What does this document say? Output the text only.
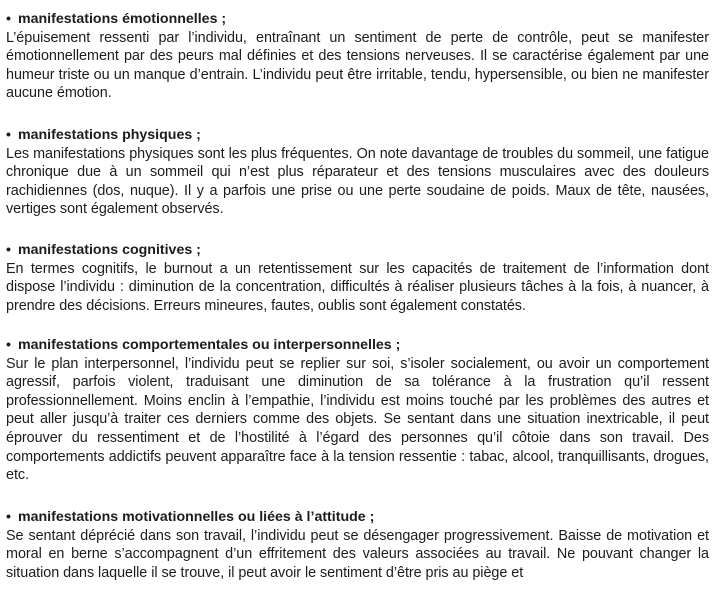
• manifestations émotionnelles ;

L’épuisement ressenti par l’individu, entraînant un sentiment de perte de contrôle, peut se manifester émotionnellement par des peurs mal définies et des tensions nerveuses. Il se caractérise également par une humeur triste ou un manque d’entrain. L’individu peut être irritable, tendu, hypersensible, ou bien ne manifester aucune émotion.

• manifestations physiques ;

Les manifestations physiques sont les plus fréquentes. On note davantage de troubles du sommeil, une fatigue chronique due à un sommeil qui n’est plus réparateur et des tensions musculaires avec des douleurs rachidiennes (dos, nuque). Il y a parfois une prise ou une perte soudaine de poids. Maux de tête, nausées, vertiges sont également observés.

• manifestations cognitives ;

En termes cognitifs, le burnout a un retentissement sur les capacités de traitement de l’information dont dispose l’individu : diminution de la concentration, difficultés à réaliser plusieurs tâches à la fois, à nuancer, à prendre des décisions. Erreurs mineures, fautes, oublis sont également constatés.

• manifestations comportementales ou interpersonnelles ;

Sur le plan interpersonnel, l’individu peut se replier sur soi, s’isoler socialement, ou avoir un comportement agressif, parfois violent, traduisant une diminution de sa tolérance à la frustration qu’il ressent professionnellement. Moins enclin à l’empathie, l’individu est moins touché par les problèmes des autres et peut aller jusqu’à traiter ces derniers comme des objets. Se sentant dans une situation inextricable, il peut éprouver du ressentiment et de l’hostilité à l’égard des personnes qu’il côtoie dans son travail. Des comportements addictifs peuvent apparaître face à la tension ressentie : tabac, alcool, tranquillisants, drogues, etc.

• manifestations motivationnelles ou liées à l’attitude ;

Se sentant déprécié dans son travail, l’individu peut se désengager progressivement. Baisse de motivation et moral en berne s’accompagnent d’un effritement des valeurs associées au travail. Ne pouvant changer la situation dans laquelle il se trouve, il peut avoir le sentiment d’être pris au piège et
